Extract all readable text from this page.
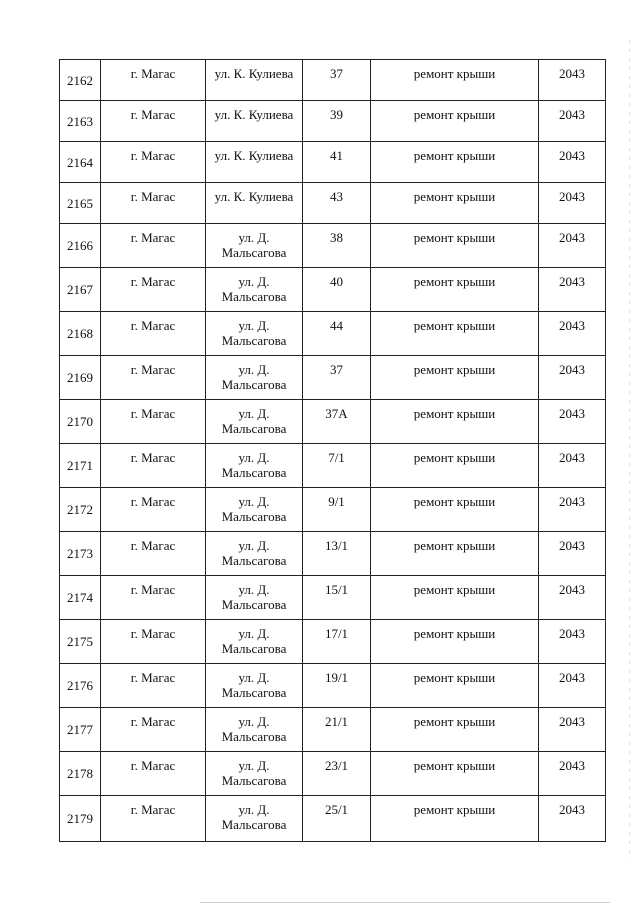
2162	г. Магас	ул. К. Кулиева	37	ремонт крыши	2043
2163	г. Магас	ул. К. Кулиева	39	ремонт крыши	2043
2164	г. Магас	ул. К. Кулиева	41	ремонт крыши	2043
2165	г. Магас	ул. К. Кулиева	43	ремонт крыши	2043
2166	г. Магас	ул. Д. Мальсагова	38	ремонт крыши	2043
2167	г. Магас	ул. Д. Мальсагова	40	ремонт крыши	2043
2168	г. Магас	ул. Д. Мальсагова	44	ремонт крыши	2043
2169	г. Магас	ул. Д. Мальсагова	37	ремонт крыши	2043
2170	г. Магас	ул. Д. Мальсагова	37А	ремонт крыши	2043
2171	г. Магас	ул. Д. Мальсагова	7/1	ремонт крыши	2043
2172	г. Магас	ул. Д. Мальсагова	9/1	ремонт крыши	2043
2173	г. Магас	ул. Д. Мальсагова	13/1	ремонт крыши	2043
2174	г. Магас	ул. Д. Мальсагова	15/1	ремонт крыши	2043
2175	г. Магас	ул. Д. Мальсагова	17/1	ремонт крыши	2043
2176	г. Магас	ул. Д. Мальсагова	19/1	ремонт крыши	2043
2177	г. Магас	ул. Д. Мальсагова	21/1	ремонт крыши	2043
2178	г. Магас	ул. Д. Мальсагова	23/1	ремонт крыши	2043
2179	г. Магас	ул. Д. Мальсагова	25/1	ремонт крыши	2043
